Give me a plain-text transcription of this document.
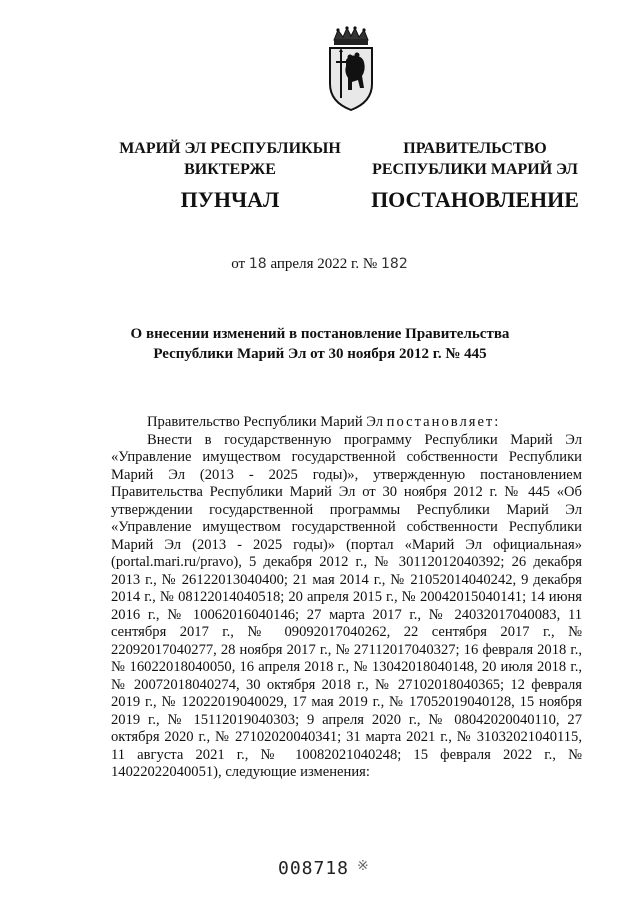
МАРИЙ ЭЛ РЕСПУБЛИКЫН
ВИКТЕРЖЕ
ПУНЧАЛ
ПРАВИТЕЛЬСТВО
РЕСПУБЛИКИ МАРИЙ ЭЛ
ПОСТАНОВЛЕНИЕ
от 18 апреля 2022 г. № 182
О внесении изменений в постановление Правительства
Республики Марий Эл от 30 ноября 2012 г. № 445

Правительство Республики Марий Эл постановляет:

Внести в государственную программу Республики Марий Эл «Управление имуществом государственной собственности Республики Марий Эл (2013 - 2025 годы)», утвержденную постановлением Правительства Республики Марий Эл от 30 ноября 2012 г. № 445 «Об утверждении государственной программы Республики Марий Эл «Управление имуществом государственной собственности Республики Марий Эл (2013 - 2025 годы)» (портал «Марий Эл официальная» (portal.mari.ru/pravo), 5 декабря 2012 г., № 30112012040392; 26 декабря 2013 г., № 26122013040400; 21 мая 2014 г., № 21052014040242, 9 декабря 2014 г., № 08122014040518; 20 апреля 2015 г., № 20042015040141; 14 июня 2016 г., № 10062016040146; 27 марта 2017 г., № 24032017040083, 11 сентября 2017 г., № 09092017040262, 22 сентября 2017 г., № 22092017040277, 28 ноября 2017 г., № 27112017040327; 16 февраля 2018 г., № 16022018040050, 16 апреля 2018 г., № 13042018040148, 20 июля 2018 г., № 20072018040274, 30 октября 2018 г., № 27102018040365; 12 февраля 2019 г., № 12022019040029, 17 мая 2019 г., № 17052019040128, 15 ноября 2019 г., № 15112019040303; 9 апреля 2020 г., № 08042020040110, 27 октября 2020 г., № 27102020040341; 31 марта 2021 г., № 31032021040115, 11 августа 2021 г., № 10082021040248; 15 февраля 2022 г., № 14022022040051), следующие изменения:

008718 ※
